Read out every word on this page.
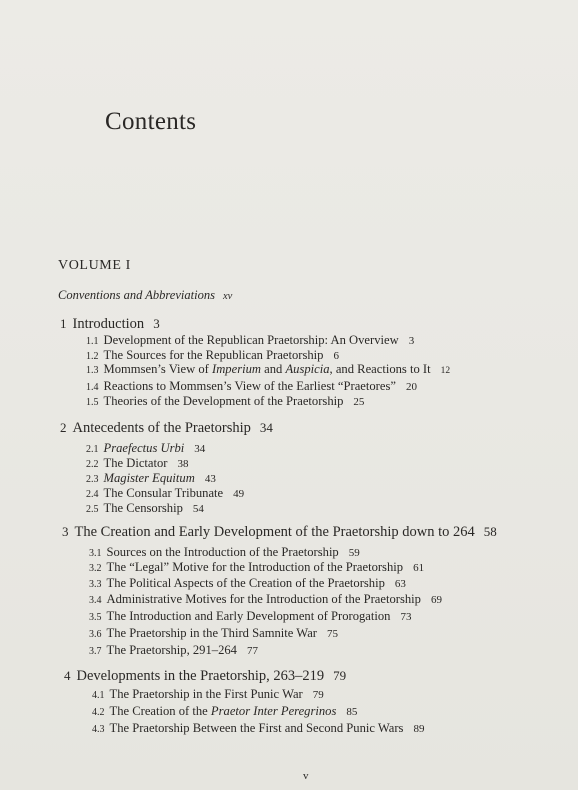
Contents
VOLUME I
Conventions and Abbreviations xv
1 Introduction 3
1.1 Development of the Republican Praetorship: An Overview 3
1.2 The Sources for the Republican Praetorship 6
1.3 Mommsen’s View of Imperium and Auspicia, and Reactions to It 12
1.4 Reactions to Mommsen’s View of the Earliest “Praetores” 20
1.5 Theories of the Development of the Praetorship 25
2 Antecedents of the Praetorship 34
2.1 Praefectus Urbi 34
2.2 The Dictator 38
2.3 Magister Equitum 43
2.4 The Consular Tribunate 49
2.5 The Censorship 54
3 The Creation and Early Development of the Praetorship down to 264 58
3.1 Sources on the Introduction of the Praetorship 59
3.2 The “Legal” Motive for the Introduction of the Praetorship 61
3.3 The Political Aspects of the Creation of the Praetorship 63
3.4 Administrative Motives for the Introduction of the Praetorship 69
3.5 The Introduction and Early Development of Prorogation 73
3.6 The Praetorship in the Third Samnite War 75
3.7 The Praetorship, 291–264 77
4 Developments in the Praetorship, 263–219 79
4.1 The Praetorship in the First Punic War 79
4.2 The Creation of the Praetor Inter Peregrinos 85
4.3 The Praetorship Between the First and Second Punic Wars 89
v
